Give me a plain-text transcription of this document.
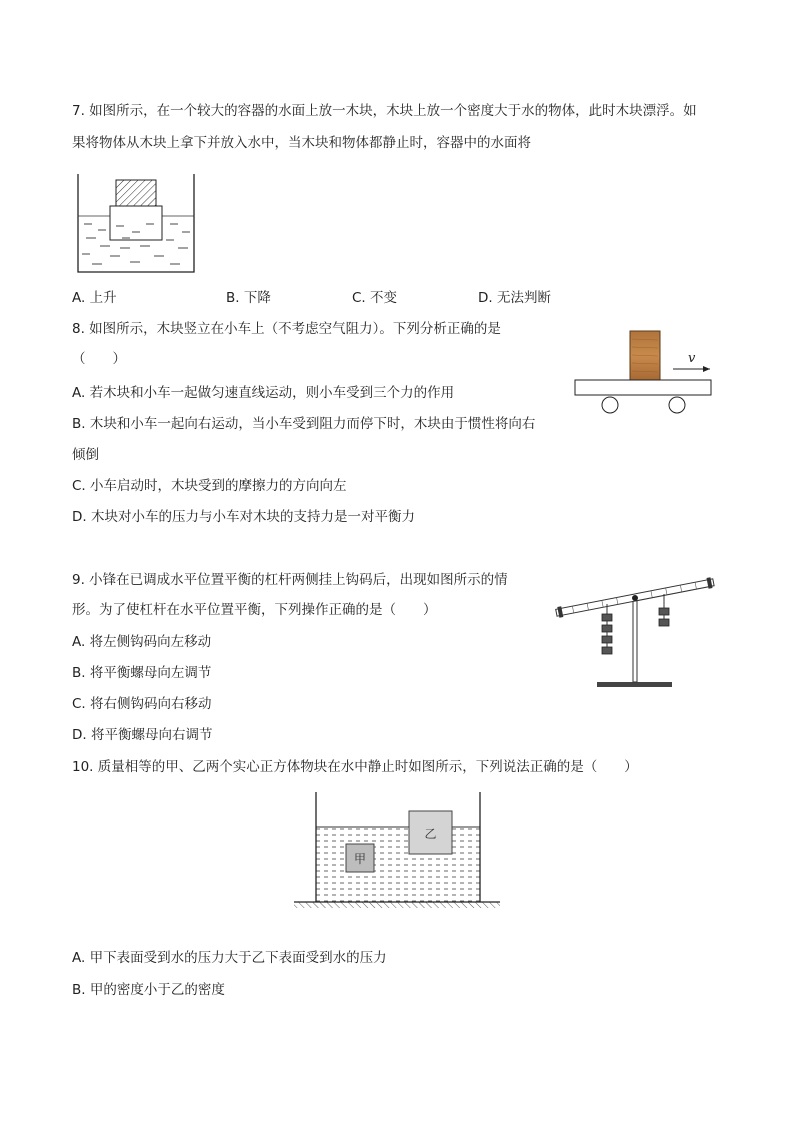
7. 如图所示，在一个较大的容器的水面上放一木块，木块上放一个密度大于水的物体，此时木块漂浮。如
果将物体从木块上拿下并放入水中，当木块和物体都静止时，容器中的水面将
A. 上升	B. 下降	C. 不变	D. 无法判断
8. 如图所示，木块竖立在小车上（不考虑空气阻力）。下列分析正确的是
（　　）
A. 若木块和小车一起做匀速直线运动，则小车受到三个力的作用
B. 木块和小车一起向右运动，当小车受到阻力而停下时，木块由于惯性将向右
倾倒
C. 小车启动时，木块受到的摩擦力的方向向左
D. 木块对小车的压力与小车对木块的支持力是一对平衡力
v
9. 小锋在已调成水平位置平衡的杠杆两侧挂上钩码后，出现如图所示的情
形。为了使杠杆在水平位置平衡，下列操作正确的是（　　）
A. 将左侧钩码向左移动
B. 将平衡螺母向左调节
C. 将右侧钩码向右移动
D. 将平衡螺母向右调节
10. 质量相等的甲、乙两个实心正方体物块在水中静止时如图所示，下列说法正确的是（　　）
乙
甲
A. 甲下表面受到水的压力大于乙下表面受到水的压力
B. 甲的密度小于乙的密度
